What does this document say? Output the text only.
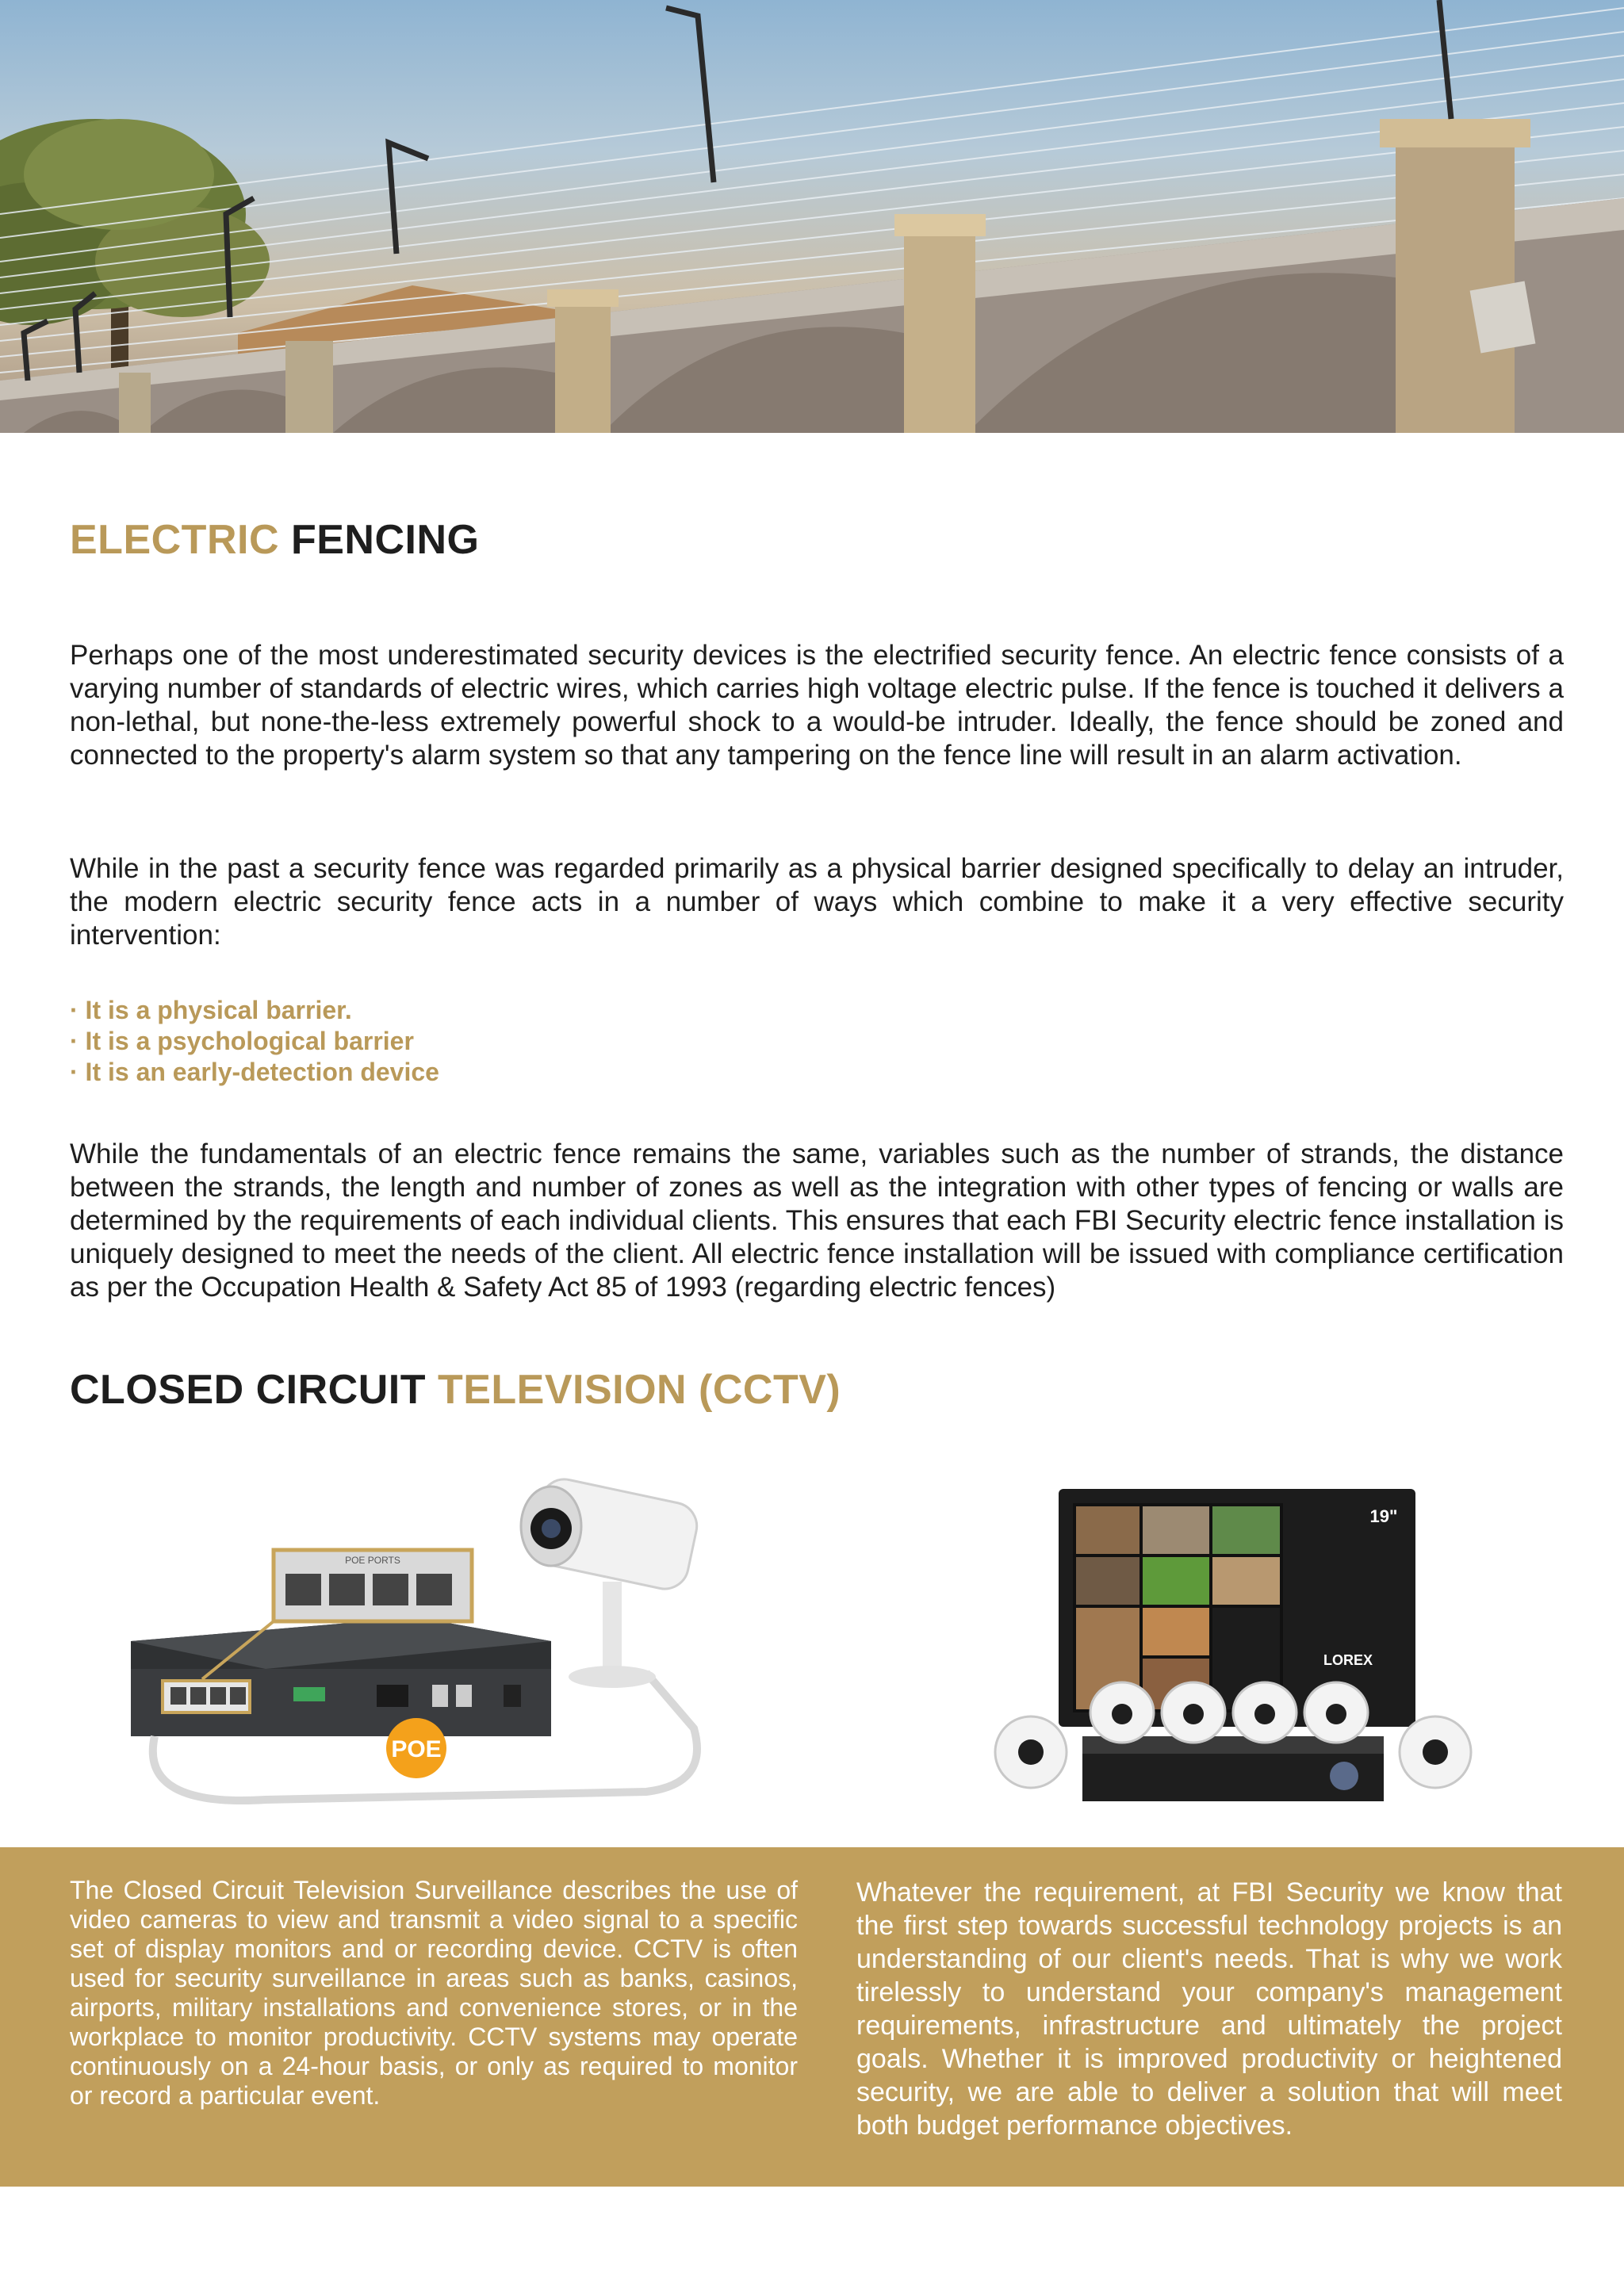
ELECTRIC FENCING

Perhaps one of the most underestimated security devices is the electrified security fence. An electric fence consists of a varying number of standards of electric wires, which carries high voltage electric pulse. If the fence is touched it delivers a non-lethal, but none-the-less extremely powerful shock to a would-be intruder. Ideally, the fence should be zoned and connected to the property's alarm system so that any tampering on the fence line will result in an alarm activation.

While in the past a security fence was regarded primarily as a physical barrier designed specifically to delay an intruder, the modern electric security fence acts in a number of ways which combine to make it a very effective security intervention:

· It is a physical barrier.
· It is a psychological barrier
· It is an early-detection device

While the fundamentals of an electric fence remains the same, variables such as the number of strands, the distance between the strands, the length and number of zones as well as the integration with other types of fencing or walls are determined by the requirements of each individual clients. This ensures that each FBI Security electric fence installation is uniquely designed to meet the needs of the client. All electric fence installation will be issued with compliance certification as per the Occupation Health & Safety Act 85 of 1993 (regarding electric fences)

CLOSED CIRCUIT TELEVISION (CCTV)
POE PORTS
POE
19"
LOREX

The Closed Circuit Television Surveillance describes the use of video cameras to view and transmit a video signal to a specific set of display monitors and or recording device. CCTV is often used for security surveillance in areas such as banks, casinos, airports, military installations and convenience stores, or in the workplace to monitor productivity. CCTV systems may operate continuously on a 24-hour basis, or only as required to monitor or record a particular event.

Whatever the requirement, at FBI Security we know that the first step towards successful technology projects is an understanding of our client's needs. That is why we work tirelessly to understand your company's management requirements, infrastructure and ultimately the project goals. Whether it is improved productivity or heightened security, we are able to deliver a solution that will meet both budget performance objectives.
